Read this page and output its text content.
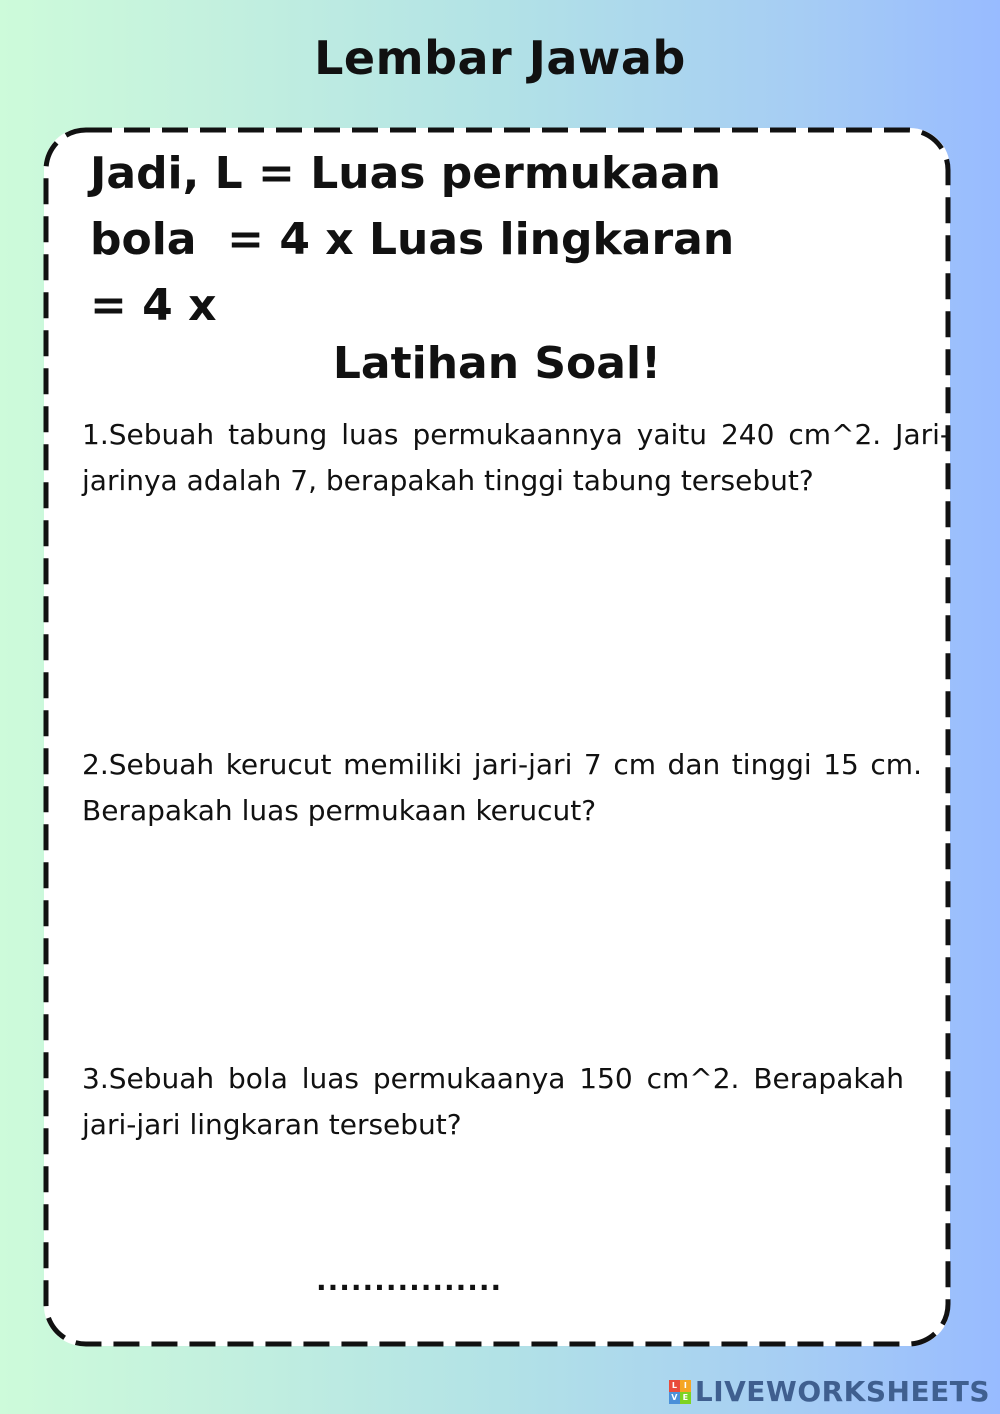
Lembar Jawab
Jadi, L = Luas permukaan
bola  = 4 x Luas lingkaran
= 4 x
Latihan Soal!
1.Sebuah tabung luas permukaannya yaitu 240 cm^2. Jari-jarinya adalah 7, berapakah tinggi tabung tersebut?
2.Sebuah kerucut memiliki jari-jari 7 cm dan tinggi 15 cm. Berapakah luas permukaan kerucut?
3.Sebuah bola luas permukaanya 150 cm^2. Berapakah jari-jari lingkaran tersebut?
................
L I
V E LIVEWORKSHEETS
